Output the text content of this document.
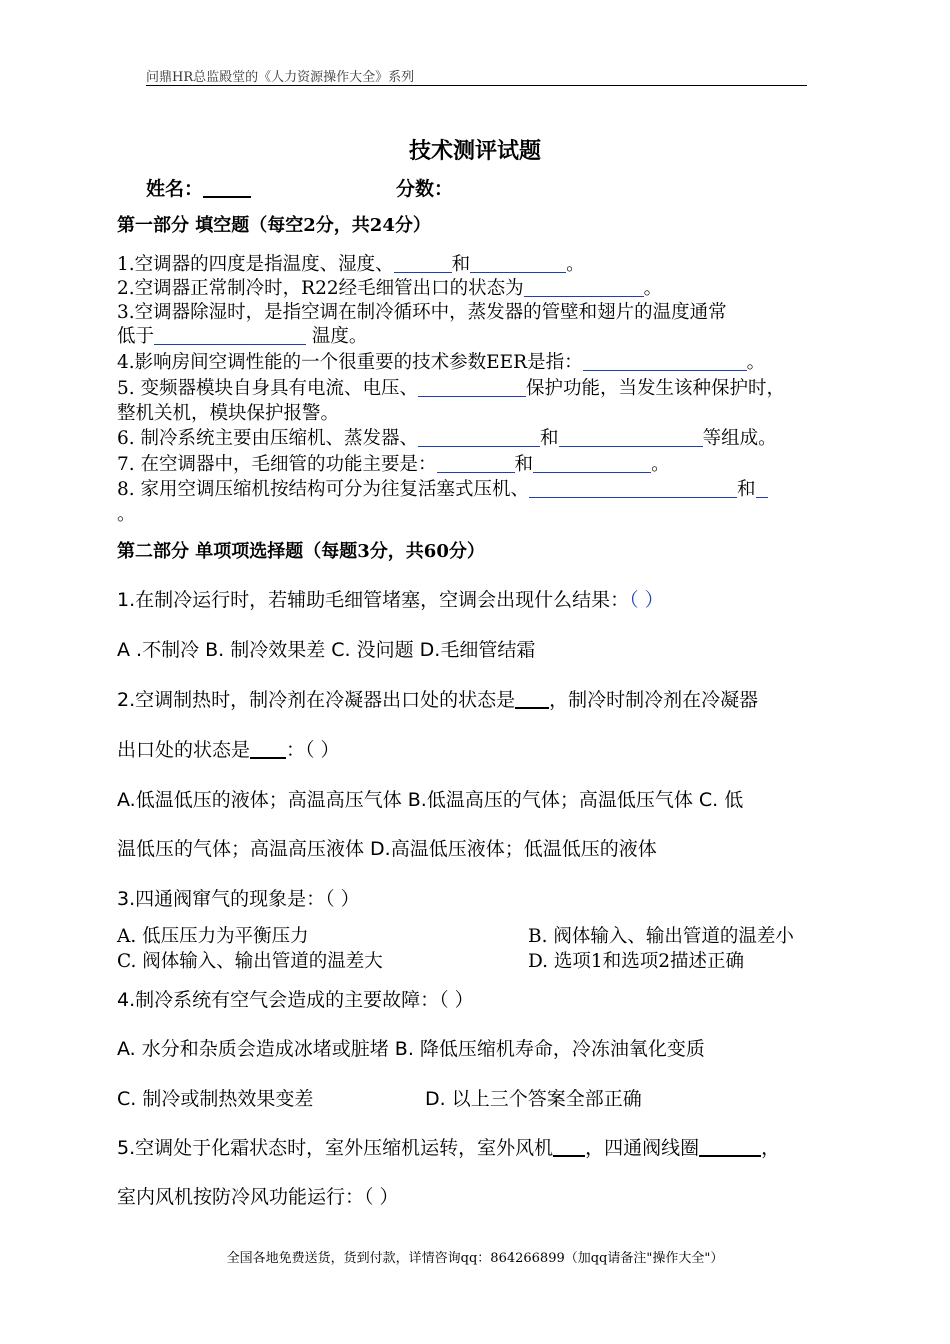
问鼎HR总监殿堂的《人力资源操作大全》系列
技术测评试题
姓名：	分数：
第一部分 填空题（每空2分，共24分）
1.空调器的四度是指温度、湿度、	和	。
2.空调器正常制冷时，R22经毛细管出口的状态为	。
3.空调器除湿时，是指空调在制冷循环中，蒸发器的管壁和翅片的温度通常
低于	温度。
4.影响房间空调性能的一个很重要的技术参数EER是指：	。
5. 变频器模块自身具有电流、电压、	保护功能，当发生该种保护时，
整机关机，模块保护报警。
6. 制冷系统主要由压缩机、蒸发器、	和	等组成。
7. 在空调器中，毛细管的功能主要是：	和	。
8. 家用空调压缩机按结构可分为往复活塞式压机、	和
。
第二部分 单项项选择题（每题3分，共60分）
1.在制冷运行时，若辅助毛细管堵塞，空调会出现什么结果：（ ）
A .不制冷 B. 制冷效果差 C. 没问题 D.毛细管结霜
2.空调制热时，制冷剂在冷凝器出口处的状态是 ，制冷时制冷剂在冷凝器
出口处的状态是 ：（ ）
A.低温低压的液体；高温高压气体 B.低温高压的气体；高温低压气体 C. 低
温低压的气体；高温高压液体 D.高温低压液体；低温低压的液体
3.四通阀窜气的现象是：（ ）
A. 低压压力为平衡压力	B. 阀体输入、输出管道的温差小
C. 阀体输入、输出管道的温差大	D. 选项1和选项2描述正确
4.制冷系统有空气会造成的主要故障：（ ）
A. 水分和杂质会造成冰堵或脏堵 B. 降低压缩机寿命，冷冻油氧化变质
C. 制冷或制热效果变差	D. 以上三个答案全部正确
5.空调处于化霜状态时，室外压缩机运转，室外风机 ，四通阀线圈	，
室内风机按防冷风功能运行：（ ）
全国各地免费送货，货到付款，详情咨询qq：864266899（加qq请备注"操作大全"）
